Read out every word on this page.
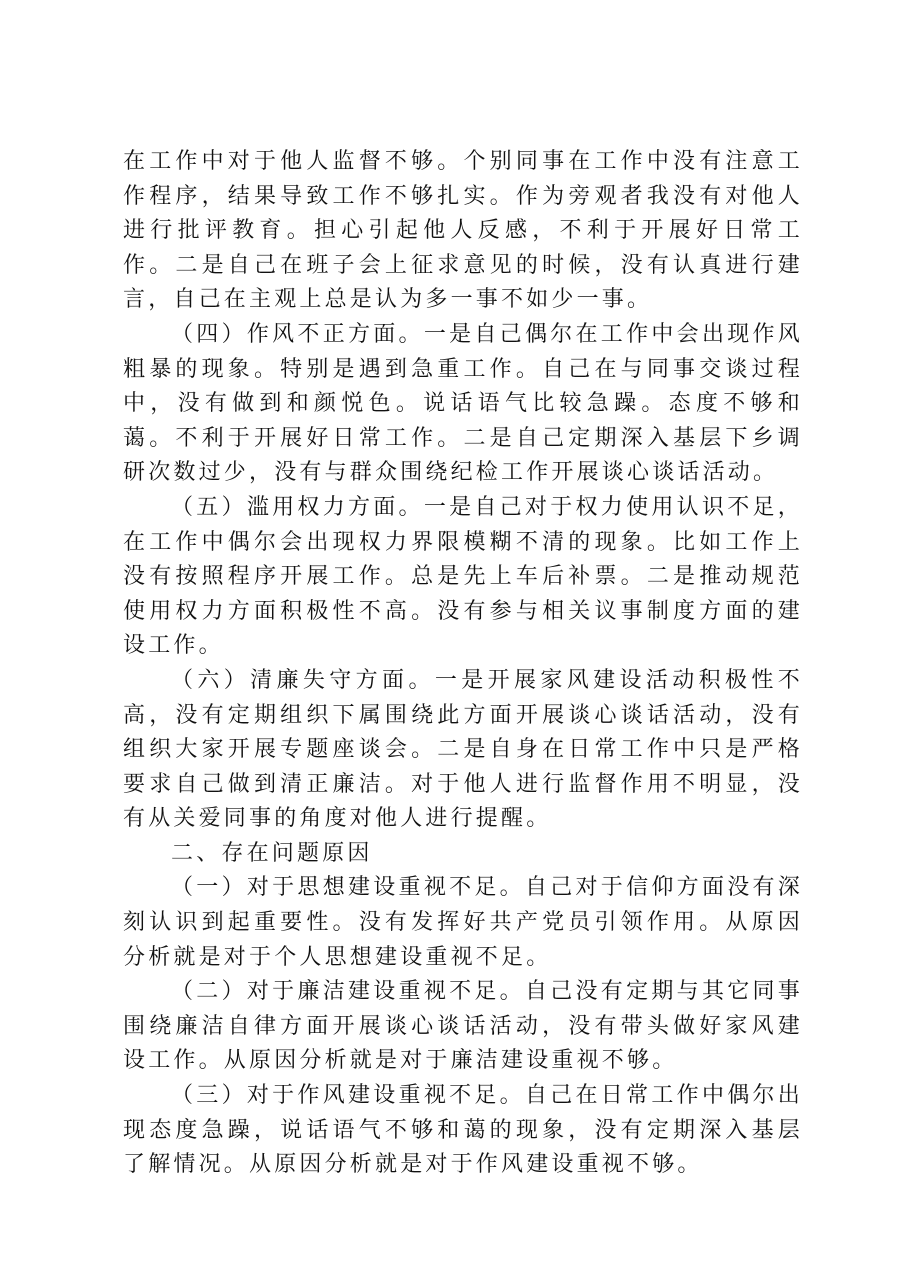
在工作中对于他人监督不够。个别同事在工作中没有注意工作程序，结果导致工作不够扎实。作为旁观者我没有对他人进行批评教育。担心引起他人反感，不利于开展好日常工作。二是自己在班子会上征求意见的时候，没有认真进行建言，自己在主观上总是认为多一事不如少一事。

（四）作风不正方面。一是自己偶尔在工作中会出现作风粗暴的现象。特别是遇到急重工作。自己在与同事交谈过程中，没有做到和颜悦色。说话语气比较急躁。态度不够和蔼。不利于开展好日常工作。二是自己定期深入基层下乡调研次数过少，没有与群众围绕纪检工作开展谈心谈话活动。

（五）滥用权力方面。一是自己对于权力使用认识不足，在工作中偶尔会出现权力界限模糊不清的现象。比如工作上没有按照程序开展工作。总是先上车后补票。二是推动规范使用权力方面积极性不高。没有参与相关议事制度方面的建设工作。

（六）清廉失守方面。一是开展家风建设活动积极性不高，没有定期组织下属围绕此方面开展谈心谈话活动，没有组织大家开展专题座谈会。二是自身在日常工作中只是严格要求自己做到清正廉洁。对于他人进行监督作用不明显，没有从关爱同事的角度对他人进行提醒。

二、存在问题原因

（一）对于思想建设重视不足。自己对于信仰方面没有深刻认识到起重要性。没有发挥好共产党员引领作用。从原因分析就是对于个人思想建设重视不足。

（二）对于廉洁建设重视不足。自己没有定期与其它同事围绕廉洁自律方面开展谈心谈话活动，没有带头做好家风建设工作。从原因分析就是对于廉洁建设重视不够。

（三）对于作风建设重视不足。自己在日常工作中偶尔出现态度急躁，说话语气不够和蔼的现象，没有定期深入基层了解情况。从原因分析就是对于作风建设重视不够。
